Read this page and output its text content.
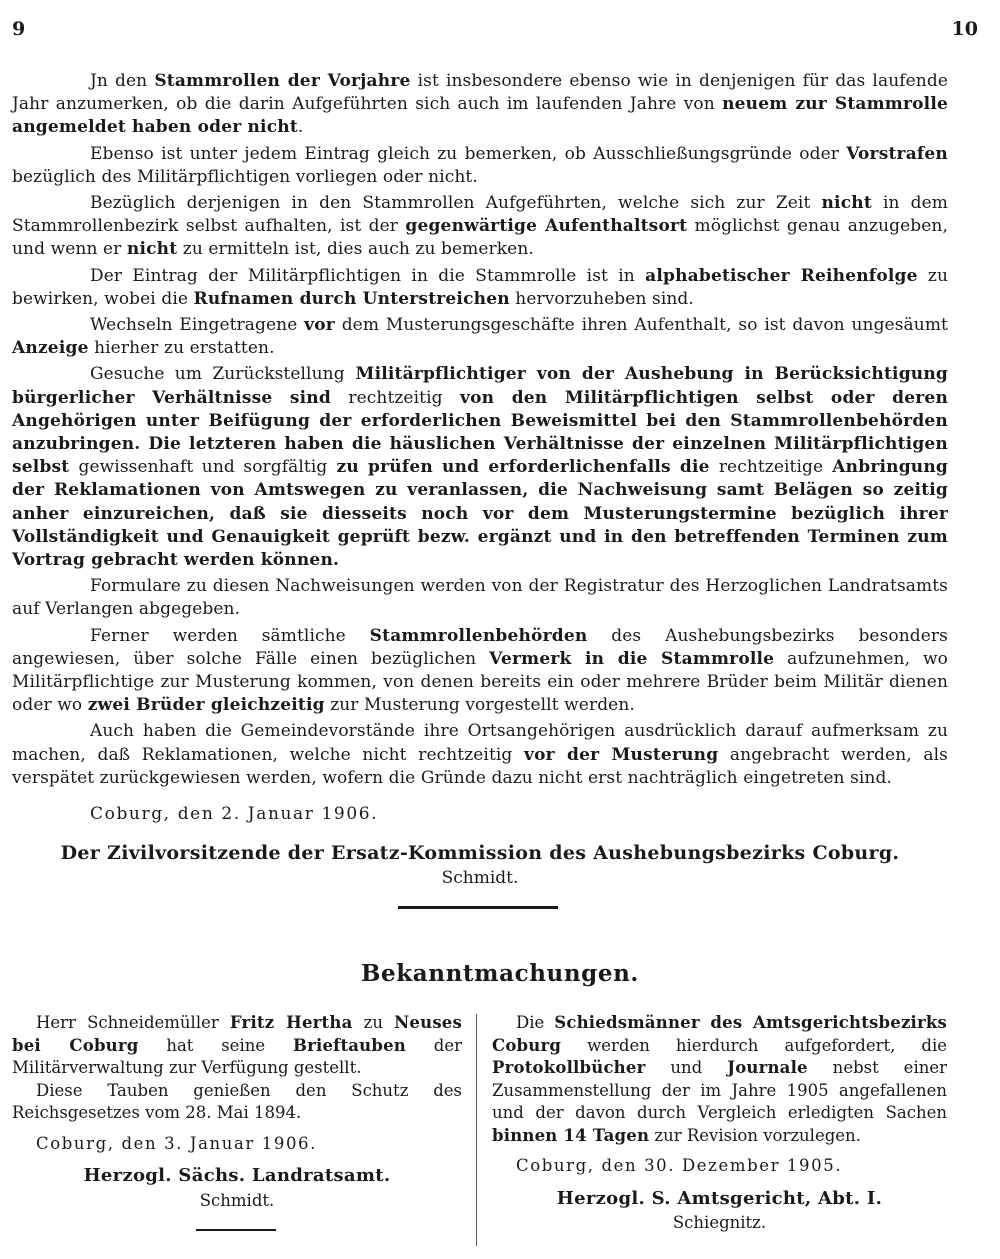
9	10

Jn den Stammrollen der Vorjahre ist insbesondere ebenso wie in denjenigen für das laufende Jahr anzumerken, ob die darin Aufgeführten sich auch im laufenden Jahre von neuem zur Stammrolle angemeldet haben oder nicht.

Ebenso ist unter jedem Eintrag gleich zu bemerken, ob Ausschließungsgründe oder Vorstrafen bezüglich des Militärpflichtigen vorliegen oder nicht.

Bezüglich derjenigen in den Stammrollen Aufgeführten, welche sich zur Zeit nicht in dem Stammrollenbezirk selbst aufhalten, ist der gegenwärtige Aufenthaltsort möglichst genau anzugeben, und wenn er nicht zu ermitteln ist, dies auch zu bemerken.

Der Eintrag der Militärpflichtigen in die Stammrolle ist in alphabetischer Reihenfolge zu bewirken, wobei die Rufnamen durch Unterstreichen hervorzuheben sind.

Wechseln Eingetragene vor dem Musterungsgeschäfte ihren Aufenthalt, so ist davon ungesäumt Anzeige hierher zu erstatten.

Gesuche um Zurückstellung Militärpflichtiger von der Aushebung in Berücksichtigung bürgerlicher Verhältnisse sind rechtzeitig von den Militärpflichtigen selbst oder deren Angehörigen unter Beifügung der erforderlichen Beweismittel bei den Stammrollenbehörden anzubringen. Die letzteren haben die häuslichen Verhältnisse der einzelnen Militärpflichtigen selbst gewissenhaft und sorgfältig zu prüfen und erforderlichenfalls die rechtzeitige Anbringung der Reklamationen von Amtswegen zu veranlassen, die Nachweisung samt Belägen so zeitig anher einzureichen, daß sie diesseits noch vor dem Musterungstermine bezüglich ihrer Vollständigkeit und Genauigkeit geprüft bezw. ergänzt und in den betreffenden Terminen zum Vortrag gebracht werden können.

Formulare zu diesen Nachweisungen werden von der Registratur des Herzoglichen Landratsamts auf Verlangen abgegeben.

Ferner werden sämtliche Stammrollenbehörden des Aushebungsbezirks besonders angewiesen, über solche Fälle einen bezüglichen Vermerk in die Stammrolle aufzunehmen, wo Militärpflichtige zur Musterung kommen, von denen bereits ein oder mehrere Brüder beim Militär dienen oder wo zwei Brüder gleichzeitig zur Musterung vorgestellt werden.

Auch haben die Gemeindevorstände ihre Ortsangehörigen ausdrücklich darauf aufmerksam zu machen, daß Reklamationen, welche nicht rechtzeitig vor der Musterung angebracht werden, als verspätet zurückgewiesen werden, wofern die Gründe dazu nicht erst nachträglich eingetreten sind.

Coburg, den 2. Januar 1906.
Der Zivilvorsitzende der Ersatz-Kommission des Aushebungsbezirks Coburg.
Schmidt.
Bekanntmachungen.

Herr Schneidemüller Fritz Hertha zu Neuses bei Coburg hat seine Brieftauben der Militärverwaltung zur Verfügung gestellt.

Diese Tauben genießen den Schutz des Reichsgesetzes vom 28. Mai 1894.

Coburg, den 3. Januar 1906.
Herzogl. Sächs. Landratsamt.
Schmidt.

Die Schiedsmänner des Amtsgerichtsbezirks Coburg werden hierdurch aufgefordert, die Protokollbücher und Journale nebst einer Zusammenstellung der im Jahre 1905 angefallenen und der davon durch Vergleich erledigten Sachen binnen 14 Tagen zur Revision vorzulegen.

Coburg, den 30. Dezember 1905.
Herzogl. S. Amtsgericht, Abt. I.
Schiegnitz.
